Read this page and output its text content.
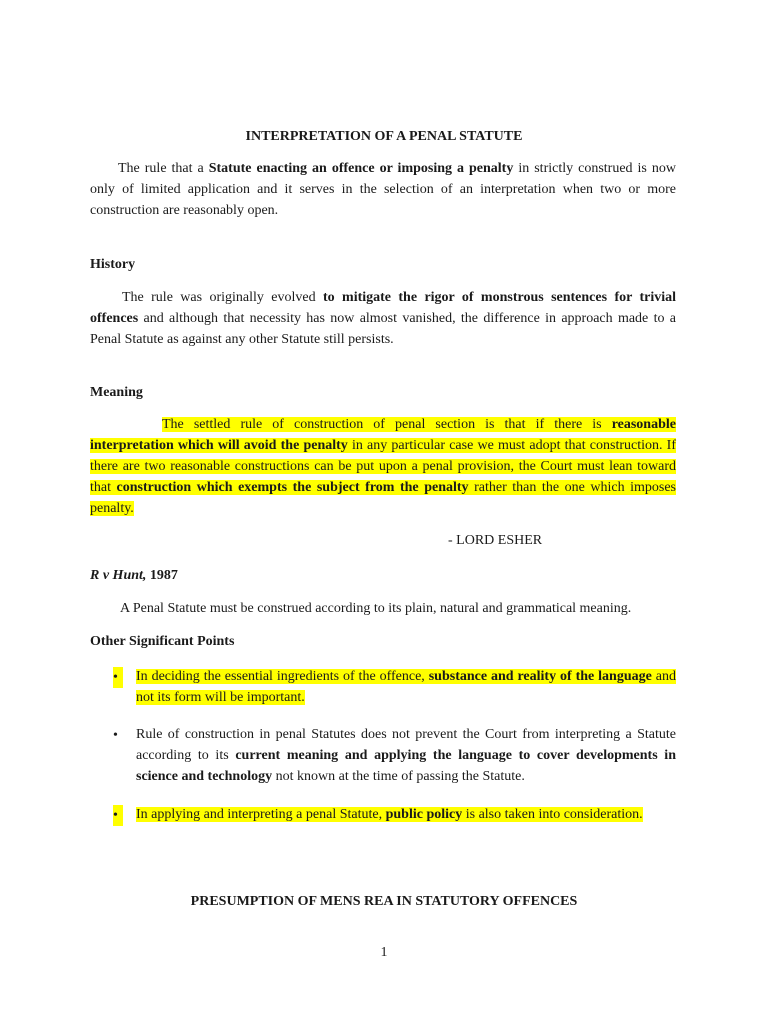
INTERPRETATION OF A PENAL STATUTE

The rule that a Statute enacting an offence or imposing a penalty in strictly construed is now only of limited application and it serves in the selection of an interpretation when two or more construction are reasonably open.

History

The rule was originally evolved to mitigate the rigor of monstrous sentences for trivial offences and although that necessity has now almost vanished, the difference in approach made to a Penal Statute as against any other Statute still persists.

Meaning

The settled rule of construction of penal section is that if there is reasonable interpretation which will avoid the penalty in any particular case we must adopt that construction. If there are two reasonable constructions can be put upon a penal provision, the Court must lean toward that construction which exempts the subject from the penalty rather than the one which imposes penalty.

- LORD ESHER

R v Hunt, 1987

A Penal Statute must be construed according to its plain, natural and grammatical meaning.

Other Significant Points

•	In deciding the essential ingredients of the offence, substance and reality of the language and not its form will be important.

•	Rule of construction in penal Statutes does not prevent the Court from interpreting a Statute according to its current meaning and applying the language to cover developments in science and technology not known at the time of passing the Statute.

•	In applying and interpreting a penal Statute, public policy is also taken into consideration.

PRESUMPTION OF MENS REA IN STATUTORY OFFENCES

1
